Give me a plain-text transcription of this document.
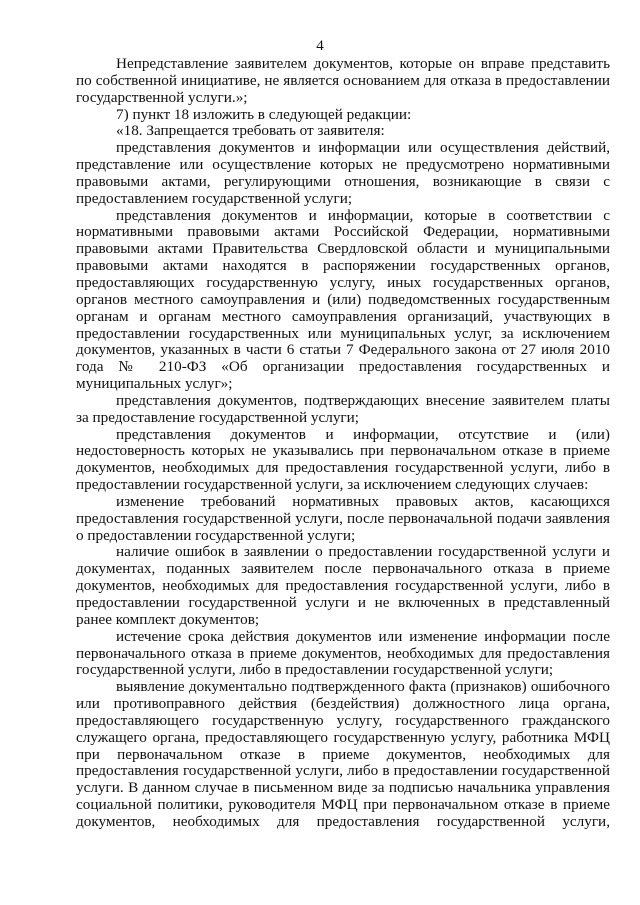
4

Непредставление заявителем документов, которые он вправе представить по собственной инициативе, не является основанием для отказа в предоставлении государственной услуги.»;

7) пункт 18 изложить в следующей редакции:

«18. Запрещается требовать от заявителя:

представления документов и информации или осуществления действий, представление или осуществление которых не предусмотрено нормативными правовыми актами, регулирующими отношения, возникающие в связи с предоставлением государственной услуги;

представления документов и информации, которые в соответствии с нормативными правовыми актами Российской Федерации, нормативными правовыми актами Правительства Свердловской области и муниципальными правовыми актами находятся в распоряжении государственных органов, предоставляющих государственную услугу, иных государственных органов, органов местного самоуправления и (или) подведомственных государственным органам и органам местного самоуправления организаций, участвующих в предоставлении государственных или муниципальных услуг, за исключением документов, указанных в части 6 статьи 7 Федерального закона от 27 июля 2010 года № 210-ФЗ «Об организации предоставления государственных и муниципальных услуг»;

представления документов, подтверждающих внесение заявителем платы за предоставление государственной услуги;

представления документов и информации, отсутствие и (или) недостоверность которых не указывались при первоначальном отказе в приеме документов, необходимых для предоставления государственной услуги, либо в предоставлении государственной услуги, за исключением следующих случаев:

изменение требований нормативных правовых актов, касающихся предоставления государственной услуги, после первоначальной подачи заявления о предоставлении государственной услуги;

наличие ошибок в заявлении о предоставлении государственной услуги и документах, поданных заявителем после первоначального отказа в приеме документов, необходимых для предоставления государственной услуги, либо в предоставлении государственной услуги и не включенных в представленный ранее комплект документов;

истечение срока действия документов или изменение информации после первоначального отказа в приеме документов, необходимых для предоставления государственной услуги, либо в предоставлении государственной услуги;

выявление документально подтвержденного факта (признаков) ошибочного или противоправного действия (бездействия) должностного лица органа, предоставляющего государственную услугу, государственного гражданского служащего органа, предоставляющего государственную услугу, работника МФЦ при первоначальном отказе в приеме документов, необходимых для предоставления государственной услуги, либо в предоставлении государственной услуги. В данном случае в письменном виде за подписью начальника управления социальной политики, руководителя МФЦ при первоначальном отказе в приеме документов, необходимых для предоставления государственной услуги,
